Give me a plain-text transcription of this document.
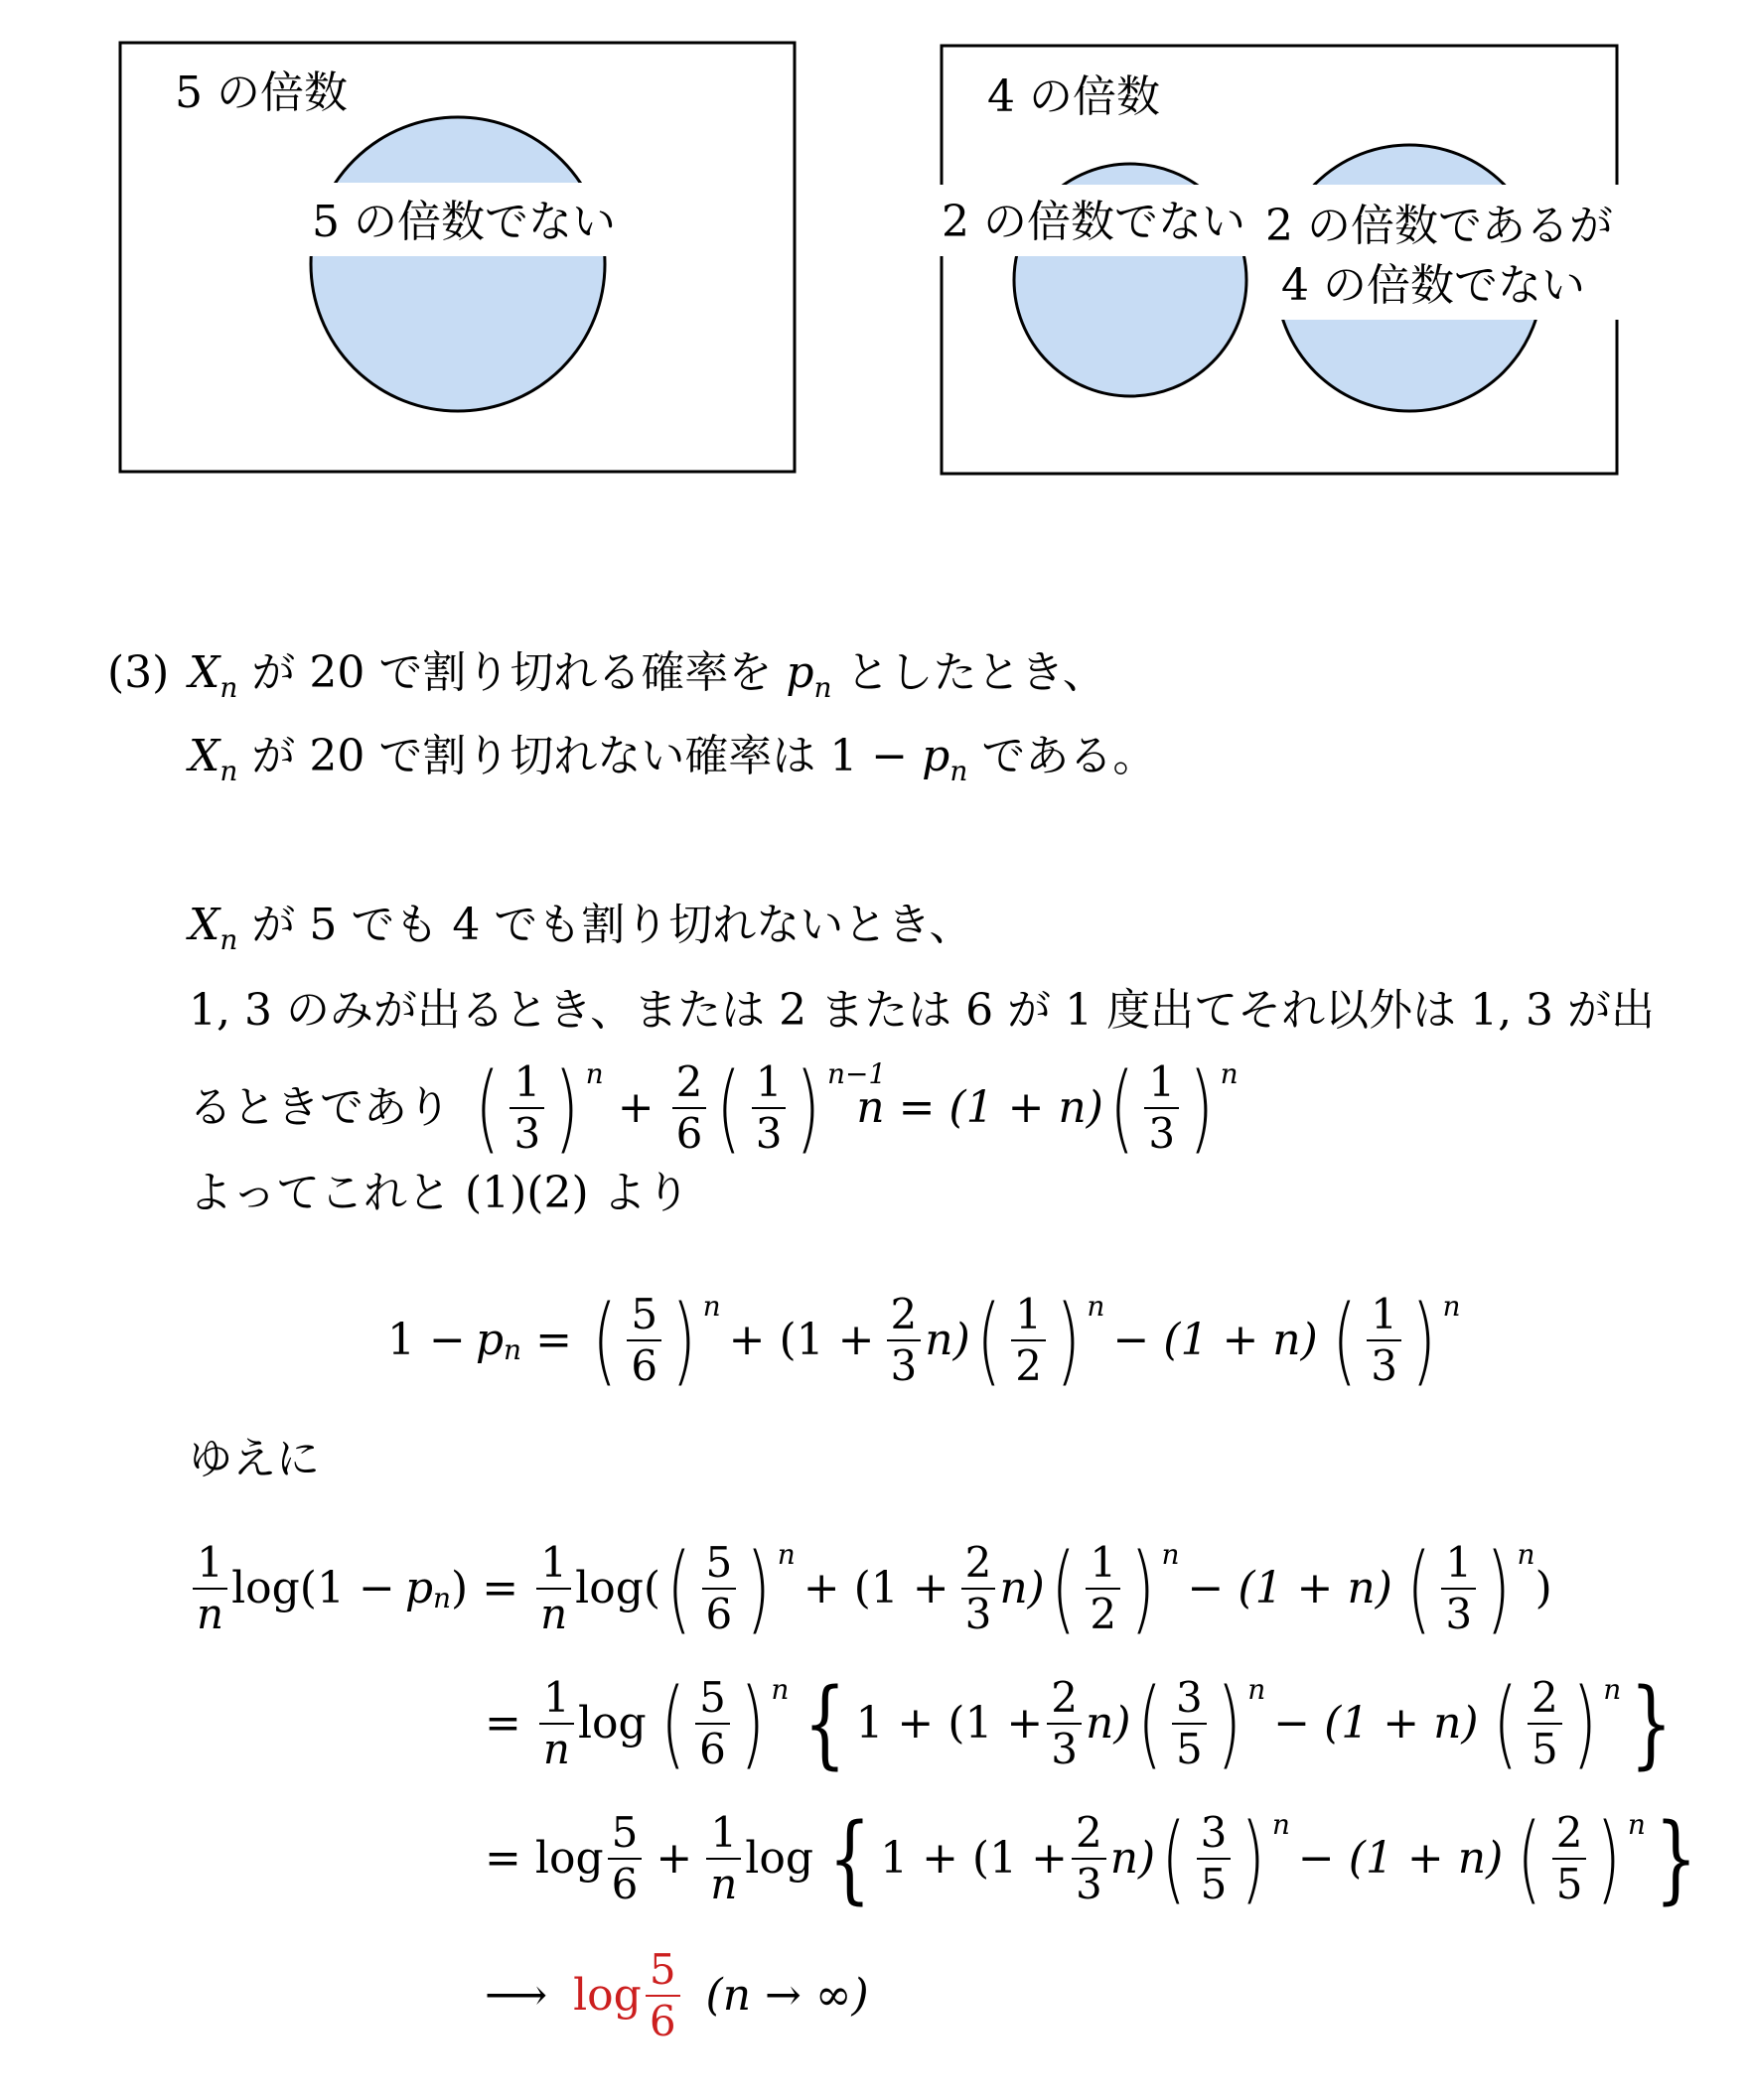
5 の倍数
5 の倍数でない
4 の倍数
2 の倍数でない 2 の倍数であるが
4 の倍数でない
(3) $X_n$ が 20 で割り切れる確率を $p_n$ としたとき、
$X_n$ が 20 で割り切れない確率は $1 - p_n$ である。
$X_n$ が 5 でも 4 でも割り切れないとき、
1, 3 のみが出るとき、または 2 または 6 が 1 度出てそれ以外は 1, 3 が出
るときであり ( $\frac{1}{3}$ ) n
+ $\frac{2}{6}$ ( $\frac{1}{3}$ ) n−1
n = (1 + n) ( $\frac{1}{3}$ ) n
よってこれと (1)(2) より
1 − p n = ( $\frac{5}{6}$ ) n
+ $(1 + \frac{2}{3} n)$ ( $\frac{1}{2}$ ) n
− (1 + n) ( $\frac{1}{3}$ ) n
ゆえに
$\frac{1}{n} \log(1 - p$ n ) = $\frac{1}{n} \log$( ( $\frac{5}{6}$ ) n
+ $(1 + \frac{2}{3} n)$ ( $\frac{1}{2}$ ) n
− (1 + n) ( $\frac{1}{3}$ ) n
)
= $\frac{1}{n}$ log ( $\frac{5}{6}$ ) n { $1 + (1 + \frac{2}{3} n)$ ( $\frac{3}{5}$ ) n
− (1 + n) ( $\frac{2}{5}$ ) n }
= $\log \frac{5}{6} + \frac{1}{n}$ log { $1 + (1 + \frac{2}{3} n)$ ( $\frac{3}{5}$ ) n
− (1 + n) ( $\frac{2}{5}$ ) n }
⟶ $\log \frac{5}{6} (n$ → ∞)
